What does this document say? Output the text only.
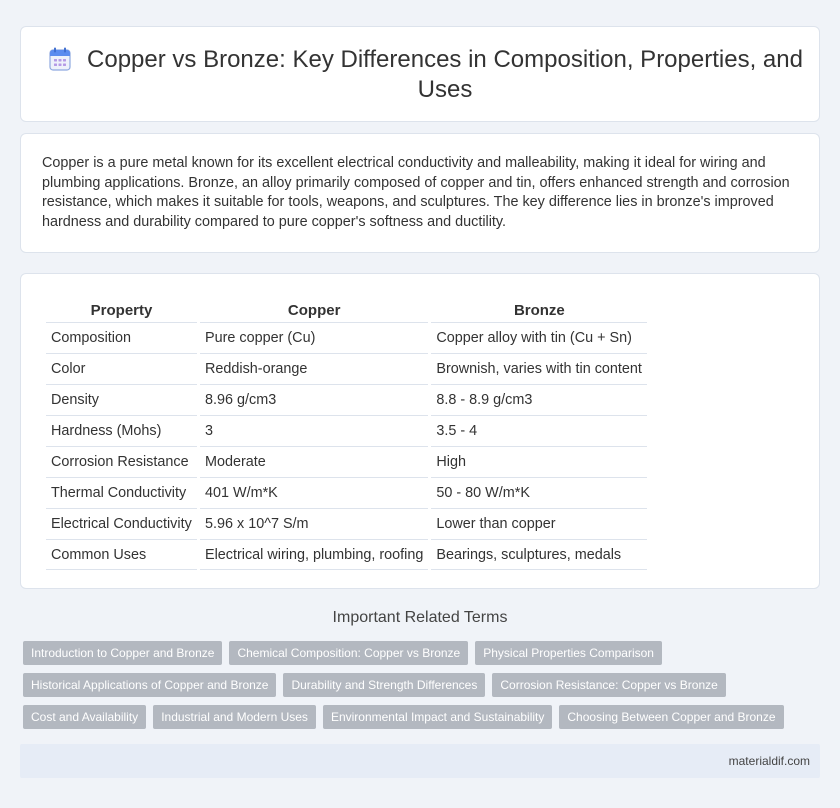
Copper vs Bronze: Key Differences in Composition, Properties, and Uses

Copper is a pure metal known for its excellent electrical conductivity and malleability, making it ideal for wiring and plumbing applications. Bronze, an alloy primarily composed of copper and tin, offers enhanced strength and corrosion resistance, which makes it suitable for tools, weapons, and sculptures. The key difference lies in bronze's improved hardness and durability compared to pure copper's softness and ductility.

Property	Copper	Bronze
Composition	Pure copper (Cu)	Copper alloy with tin (Cu + Sn)
Color	Reddish-orange	Brownish, varies with tin content
Density	8.96 g/cm3	8.8 - 8.9 g/cm3
Hardness (Mohs)	3	3.5 - 4
Corrosion Resistance	Moderate	High
Thermal Conductivity	401 W/m*K	50 - 80 W/m*K
Electrical Conductivity	5.96 x 10^7 S/m	Lower than copper
Common Uses	Electrical wiring, plumbing, roofing	Bearings, sculptures, medals
Important Related Terms
Introduction to Copper and Bronze	Chemical Composition: Copper vs Bronze	Physical Properties Comparison
Historical Applications of Copper and Bronze	Durability and Strength Differences	Corrosion Resistance: Copper vs Bronze
Cost and Availability	Industrial and Modern Uses	Environmental Impact and Sustainability	Choosing Between Copper and Bronze
materialdif.com
